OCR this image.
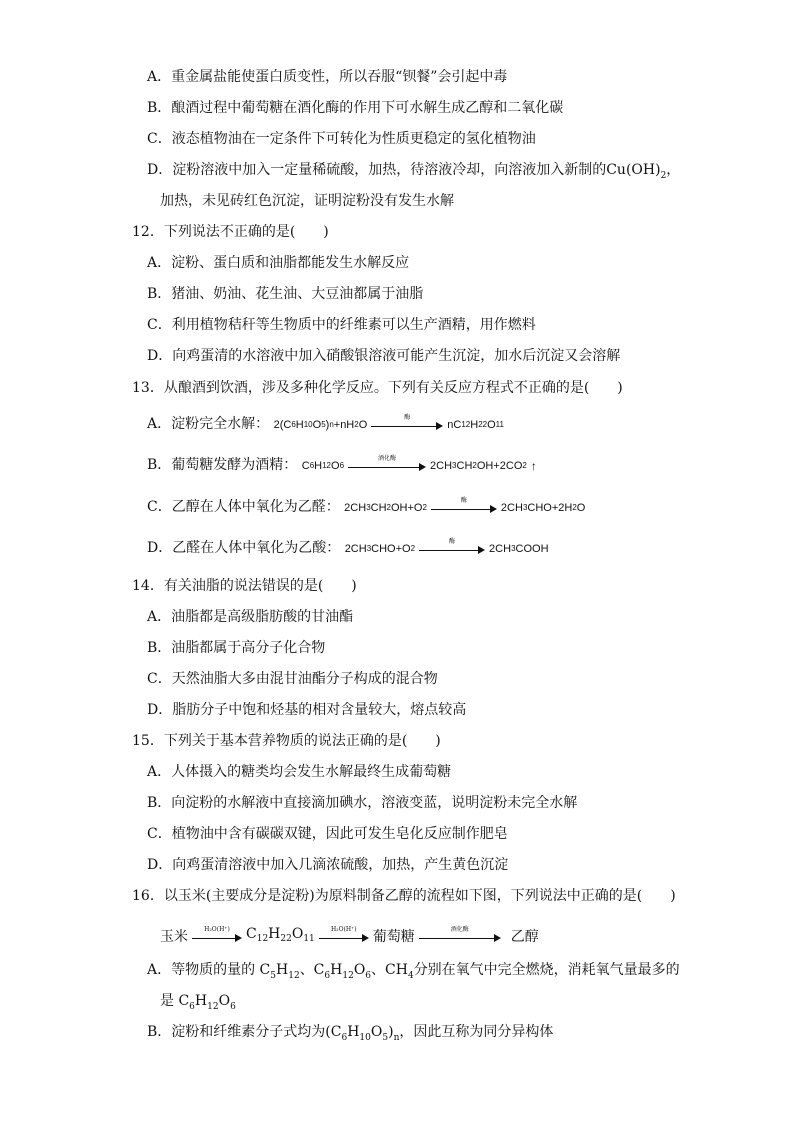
A．重金属盐能使蛋白质变性，所以吞服“钡餐”会引起中毒
B．酿酒过程中葡萄糖在酒化酶的作用下可水解生成乙醇和二氧化碳
C．液态植物油在一定条件下可转化为性质更稳定的氢化植物油
D．淀粉溶液中加入一定量稀硫酸，加热，待溶液冷却，向溶液加入新制的$Cu(OH)_2$，
加热，未见砖红色沉淀，证明淀粉没有发生水解
12．下列说法不正确的是(　　)
A．淀粉、蛋白质和油脂都能发生水解反应
B．猪油、奶油、花生油、大豆油都属于油脂
C．利用植物秸秆等生物质中的纤维素可以生产酒精，用作燃料
D．向鸡蛋清的水溶液中加入硝酸银溶液可能产生沉淀，加水后沉淀又会溶解
13．从酿酒到饮酒，涉及多种化学反应。下列有关反应方程式不正确的是(　　)
A．淀粉完全水解： 2(C 6 H 10 O 5 ) n +nH 2 O
酶
nC 12 H 22 O 11
B．葡萄糖发酵为酒精： C 6 H 12 O 6
酒化酶
2CH 3 CH 2 OH+2CO 2 ↑
C．乙醇在人体中氧化为乙醛： 2CH 3 CH 2 OH+O 2
酶
2CH 3 CHO+2H 2 O
D．乙醛在人体中氧化为乙酸： 2CH 3 CHO+O 2
酶
2CH 3 COOH
14．有关油脂的说法错误的是(　　)
A．油脂都是高级脂肪酸的甘油酯
B．油脂都属于高分子化合物
C．天然油脂大多由混甘油酯分子构成的混合物
D．脂肪分子中饱和烃基的相对含量较大，熔点较高
15．下列关于基本营养物质的说法正确的是(　　)
A．人体摄入的糖类均会发生水解最终生成葡萄糖
B．向淀粉的水解液中直接滴加碘水，溶液变蓝，说明淀粉未完全水解
C．植物油中含有碳碳双键，因此可发生皂化反应制作肥皂
D．向鸡蛋清溶液中加入几滴浓硫酸，加热，产生黄色沉淀
16．以玉米(主要成分是淀粉)为原料制备乙醇的流程如下图，下列说法中正确的是(　　)
玉米	H₂O(H⁺)	$C_{12}H_{22}O_{11}$
H₂O(H⁺)	葡萄糖	酒化酶	乙醇
A．等物质的量的 $C_5H_{12}$、$C_6H_{12}O_6$、$CH_4$分别在氧气中完全燃烧，消耗氧气量最多的
是 $C_6H_{12}O_6$
B．淀粉和纤维素分子式均为$(C_6H_{10}O_5)_n$，因此互称为同分异构体
